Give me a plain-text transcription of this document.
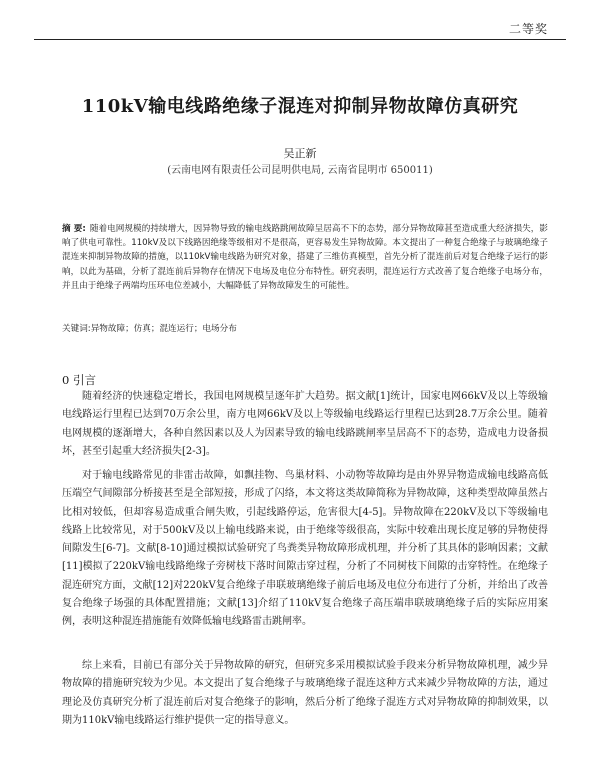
二等奖
110kV输电线路绝缘子混连对抑制异物故障仿真研究
吴正新
(云南电网有限责任公司昆明供电局, 云南省昆明市 650011)
摘 要: 随着电网规模的持续增大，因异物导致的输电线路跳闸故障呈居高不下的态势，部分异物故障甚至造成重大经济损失，影响了供电可靠性。110kV及以下线路因绝缘等级相对不是很高，更容易发生异物故障。本文提出了一种复合绝缘子与玻璃绝缘子混连来抑制异物故障的措施，以110kV输电线路为研究对象，搭建了三维仿真模型，首先分析了混连前后对复合绝缘子运行的影响，以此为基础，分析了混连前后异物存在情况下电场及电位分布特性。研究表明，混连运行方式改善了复合绝缘子电场分布，并且由于绝缘子两端均压环电位差减小，大幅降低了异物故障发生的可能性。
关键词:异物故障；仿真；混连运行；电场分布
0 引言

随着经济的快速稳定增长，我国电网规模呈逐年扩大趋势。据文献[1]统计，国家电网66kV及以上等级输电线路运行里程已达到70万余公里，南方电网66kV及以上等级输电线路运行里程已达到28.7万余公里。随着电网规模的逐渐增大，各种自然因素以及人为因素导致的输电线路跳闸率呈居高不下的态势，造成电力设备损坏，甚至引起重大经济损失[2-3]。

对于输电线路常见的非雷击故障，如飘挂物、鸟巢材料、小动物等故障均是由外界异物造成输电线路高低压端空气间隙部分桥接甚至是全部短接，形成了闪络，本文将这类故障简称为异物故障，这种类型故障虽然占比相对较低，但却容易造成重合闸失败，引起线路停运，危害很大[4-5]。异物故障在220kV及以下等级输电线路上比较常见，对于500kV及以上输电线路来说，由于绝缘等级很高，实际中较难出现长度足够的异物使得间隙发生[6-7]。文献[8-10]通过模拟试验研究了鸟粪类异物故障形成机理，并分析了其具体的影响因素；文献[11]模拟了220kV输电线路绝缘子旁树枝下落时间隙击穿过程，分析了不同树枝下间隙的击穿特性。在绝缘子混连研究方面，文献[12]对220kV复合绝缘子串联玻璃绝缘子前后电场及电位分布进行了分析，并给出了改善复合绝缘子场强的具体配置措施；文献[13]介绍了110kV复合绝缘子高压端串联玻璃绝缘子后的实际应用案例，表明这种混连措施能有效降低输电线路雷击跳闸率。

综上来看，目前已有部分关于异物故障的研究，但研究多采用模拟试验手段来分析异物故障机理，减少异物故障的措施研究较为少见。本文提出了复合绝缘子与玻璃绝缘子混连这种方式来减少异物故障的方法，通过理论及仿真研究分析了混连前后对复合绝缘子的影响，然后分析了绝缘子混连方式对异物故障的抑制效果，以期为110kV输电线路运行维护提供一定的指导意义。
